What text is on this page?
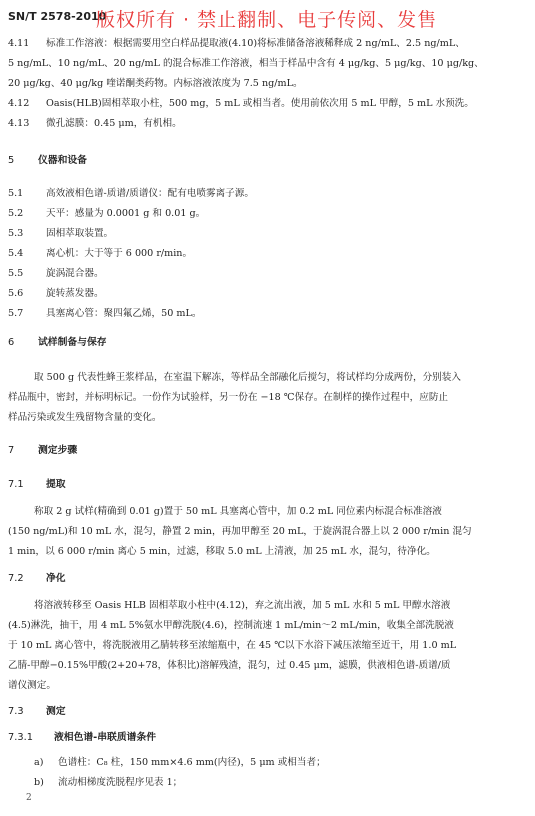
SN/T 2578-2010
版权所有 · 禁止翻制、电子传阅、发售
4.11 标准工作溶液：根据需要用空白样品提取液(4.10)将标准储备溶液稀释成 2 ng/mL、2.5 ng/mL、
5 ng/mL、10 ng/mL、20 ng/mL 的混合标准工作溶液，相当于样品中含有 4 μg/kg、5 μg/kg、10 μg/kg、
20 μg/kg、40 μg/kg 喹诺酮类药物。内标溶液浓度为 7.5 ng/mL。
4.12 Oasis(HLB)固相萃取小柱，500 mg，5 mL 或相当者。使用前依次用 5 mL 甲醇，5 mL 水预洗。
4.13 微孔滤膜：0.45 μm，有机相。
5 仪器和设备
5.1 高效液相色谱-质谱/质谱仪：配有电喷雾离子源。
5.2 天平：感量为 0.0001 g 和 0.01 g。
5.3 固相萃取装置。
5.4 离心机：大于等于 6 000 r/min。
5.5 旋涡混合器。
5.6 旋转蒸发器。
5.7 具塞离心管：聚四氟乙烯，50 mL。
6 试样制备与保存
取 500 g 代表性蜂王浆样品，在室温下解冻，等样品全部融化后搅匀，将试样均分成两份，分别装入
样品瓶中，密封，并标明标记。一份作为试验样，另一份在 −18 ℃保存。在制样的操作过程中，应防止
样品污染或发生残留物含量的变化。
7 测定步骤
7.1 提取
称取 2 g 试样(精确到 0.01 g)置于 50 mL 具塞离心管中，加 0.2 mL 同位素内标混合标准溶液
(150 ng/mL)和 10 mL 水，混匀，静置 2 min，再加甲醇至 20 mL，于旋涡混合器上以 2 000 r/min 混匀
1 min，以 6 000 r/min 离心 5 min，过滤，移取 5.0 mL 上清液，加 25 mL 水，混匀，待净化。
7.2 净化
将溶液转移至 Oasis HLB 固相萃取小柱中(4.12)，弃之流出液，加 5 mL 水和 5 mL 甲醇水溶液
(4.5)淋洗，抽干，用 4 mL 5%氨水甲醇洗脱(4.6)，控制流速 1 mL/min～2 mL/min，收集全部洗脱液
于 10 mL 离心管中，将洗脱液用乙腈转移至浓缩瓶中，在 45 ℃以下水浴下减压浓缩至近干，用 1.0 mL
乙腈-甲醇−0.15%甲酸(2+20+78，体积比)溶解残渣，混匀，过 0.45 μm，滤膜，供液相色谱-质谱/质
谱仪测定。
7.3 测定
7.3.1 液相色谱-串联质谱条件
a) 色谱柱：C₈ 柱，150 mm×4.6 mm(内径)，5 μm 或相当者；
b) 流动相梯度洗脱程序见表 1；
2
